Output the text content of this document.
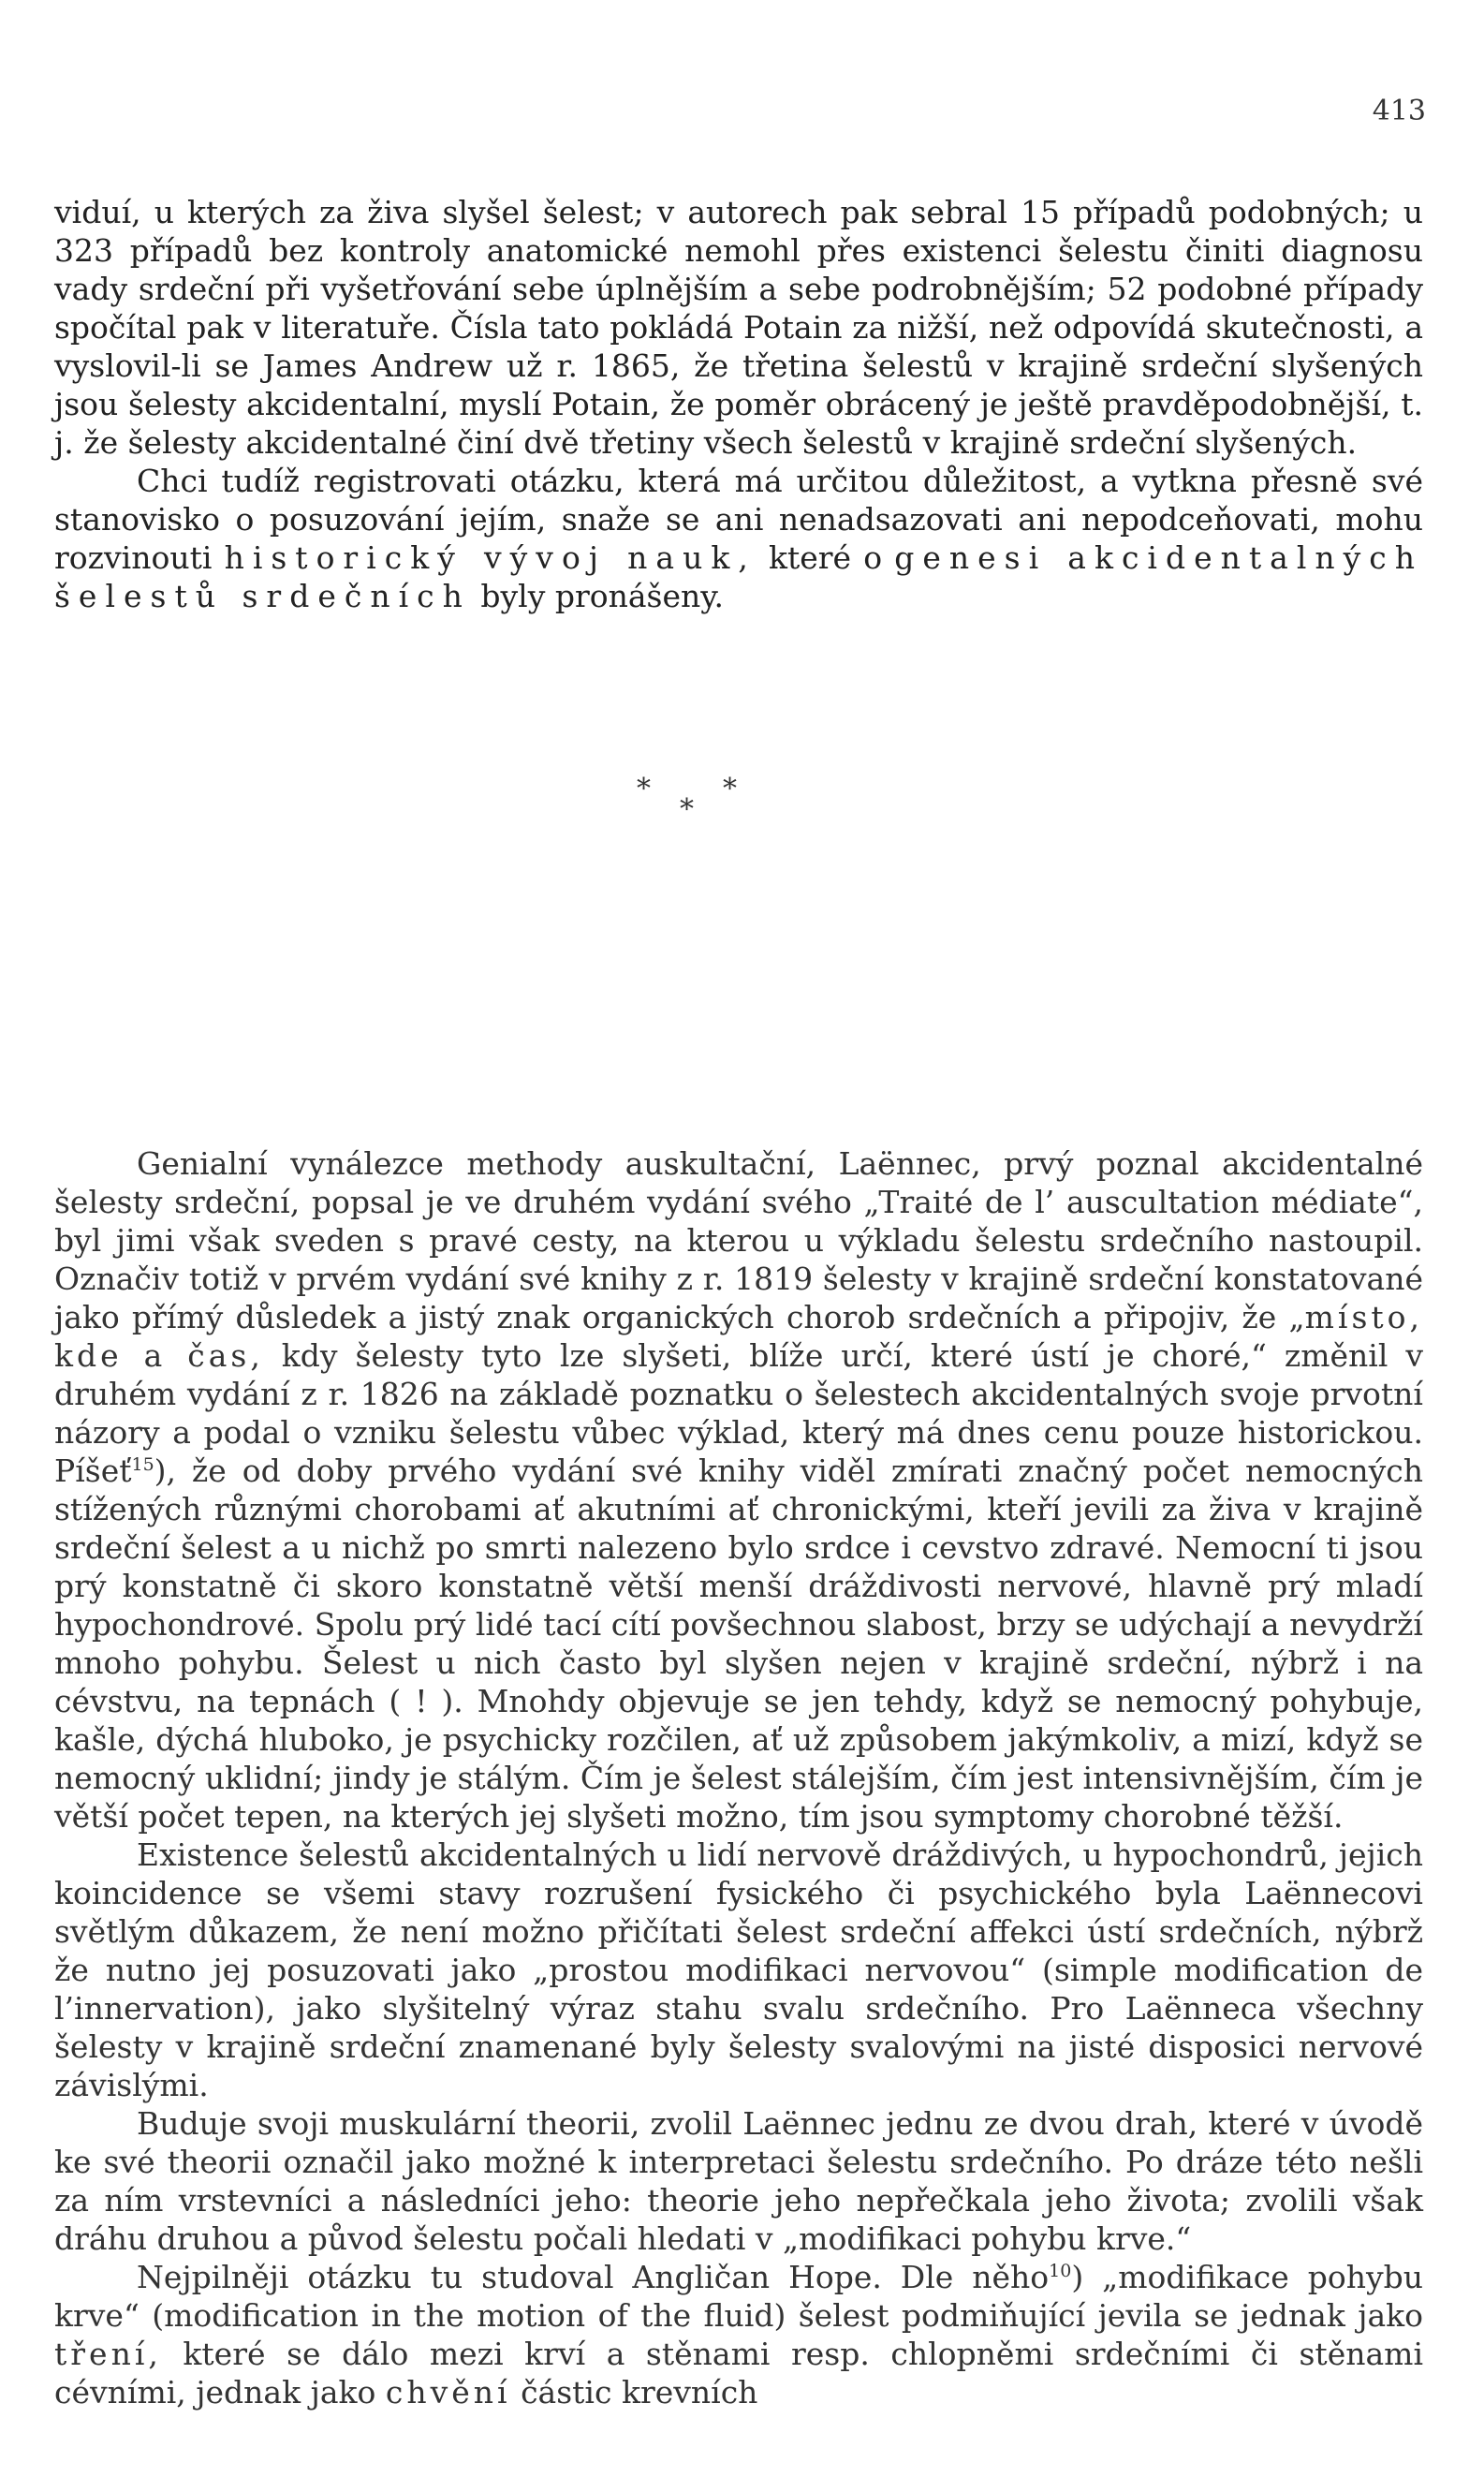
413

viduí, u kterých za živa slyšel šelest; v autorech pak sebral 15 případů podobných; u 323 případů bez kontroly anatomické nemohl přes existenci šelestu činiti diagnosu vady srdeční při vyšetřování sebe úplnějším a sebe podrobnějším; 52 podobné případy spočítal pak v literatuře. Čísla tato pokládá Potain za nižší, než odpovídá skutečnosti, a vyslovil-li se James Andrew už r. 1865, že třetina šelestů v krajině srdeční slyšených jsou šelesty akcidentalní, myslí Potain, že poměr obrácený je ještě pravděpodobnější, t. j. že šelesty akcidentalné činí dvě třetiny všech šelestů v krajině srdeční slyšených.

Chci tudíž registrovati otázku, která má určitou důležitost, a vytkna přesně své stanovisko o posuzování jejím, snaže se ani nenadsazovati ani nepodceňovati, mohu rozvinouti historický vývoj nauk, které o genesi akcidentalných šelestů srdečních byly pronášeny.

*	*
*

Genialní vynálezce methody auskultační, Laënnec, prvý poznal akcidentalné šelesty srdeční, popsal je ve druhém vydání svého „Traité de l’ auscultation médiate“, byl jimi však sveden s pravé cesty, na kterou u výkladu šelestu srdečního nastoupil. Označiv totiž v prvém vydání své knihy z r. 1819 šelesty v krajině srdeční konstatované jako přímý důsledek a jistý znak organických chorob srdečních a připojiv, že „místo, kde a čas, kdy šelesty tyto lze slyšeti, blíže určí, které ústí je choré,“ změnil v druhém vydání z r. 1826 na základě poznatku o šelestech akcidentalných svoje prvotní názory a podal o vzniku šelestu vůbec výklad, který má dnes cenu pouze historickou. Píšeť$^{15}$), že od doby prvého vydání své knihy viděl zmírati značný počet nemocných stížených různými chorobami ať akutními ať chronickými, kteří jevili za živa v krajině srdeční šelest a u nichž po smrti nalezeno bylo srdce i cevstvo zdravé. Nemocní ti jsou prý konstatně či skoro konstatně větší menší dráždivosti nervové, hlavně prý mladí hypochondrové. Spolu prý lidé tací cítí povšechnou slabost, brzy se udýchají a nevydrží mnoho pohybu. Šelest u nich často byl slyšen nejen v krajině srdeční, nýbrž i na cévstvu, na tepnách ( ! ). Mnohdy objevuje se jen tehdy, když se nemocný pohybuje, kašle, dýchá hluboko, je psychicky rozčilen, ať už způsobem jakýmkoliv, a mizí, když se nemocný uklidní; jindy je stálým. Čím je šelest stálejším, čím jest intensivnějším, čím je větší počet tepen, na kterých jej slyšeti možno, tím jsou symptomy chorobné těžší.

Existence šelestů akcidentalných u lidí nervově dráždivých, u hypochondrů, jejich koincidence se všemi stavy rozrušení fysického či psychického byla Laënnecovi světlým důkazem, že není možno přičítati šelest srdeční affekci ústí srdečních, nýbrž že nutno jej posuzovati jako „prostou modifikaci nervovou“ (simple modification de l’innervation), jako slyšitelný výraz stahu svalu srdečního. Pro Laënneca všechny šelesty v krajině srdeční znamenané byly šelesty svalovými na jisté disposici nervové závislými.

Buduje svoji muskulární theorii, zvolil Laënnec jednu ze dvou drah, které v úvodě ke své theorii označil jako možné k interpretaci šelestu srdečního. Po dráze této nešli za ním vrstevníci a následníci jeho: theorie jeho nepřečkala jeho života; zvolili však dráhu druhou a původ šelestu počali hledati v „modifikaci pohybu krve.“

Nejpilněji otázku tu studoval Angličan Hope. Dle něho$^{10}$) „modifikace pohybu krve“ (modification in the motion of the fluid) šelest podmiňující jevila se jednak jako tření, které se dálo mezi krví a stěnami resp. chlopněmi srdečními či stěnami cévními, jednak jako chvění částic krevních
